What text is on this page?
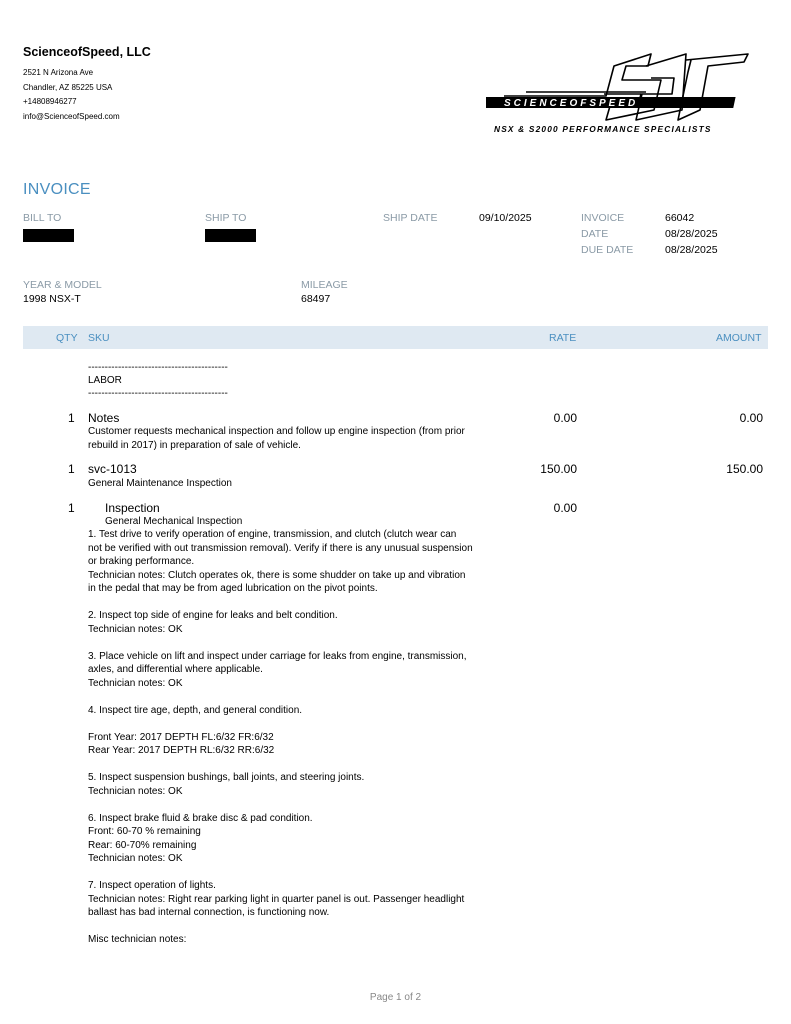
ScienceofSpeed, LLC
2521 N Arizona Ave
Chandler, AZ 85225 USA
+14808946277
info@ScienceofSpeed.com
SCIENCEOFSPEED
NSX & S2000 PERFORMANCE SPECIALISTS
INVOICE
BILL TO	SHIP TO	SHIP DATE	09/10/2025	INVOICE	66042
DATE	08/28/2025
DUE DATE	08/28/2025
YEAR & MODEL
1998 NSX-T
MILEAGE
68497
QTY SKU	RATE	AMOUNT
------------------------------------------
LABOR
------------------------------------------
1 Notes
Customer requests mechanical inspection and follow up engine inspection (from prior
rebuild in 2017) in preparation of sale of vehicle.
0.00	0.00
1 svc-1013
General Maintenance Inspection
150.00	150.00
1	Inspection
General Mechanical Inspection
0.00
1. Test drive to verify operation of engine, transmission, and clutch (clutch wear can
not be verified with out transmission removal). Verify if there is any unusual suspension
or braking performance.
Technician notes: Clutch operates ok, there is some shudder on take up and vibration
in the pedal that may be from aged lubrication on the pivot points.
2. Inspect top side of engine for leaks and belt condition.
Technician notes: OK
3. Place vehicle on lift and inspect under carriage for leaks from engine, transmission,
axles, and differential where applicable.
Technician notes: OK
4. Inspect tire age, depth, and general condition.
Front Year: 2017 DEPTH FL:6/32 FR:6/32
Rear Year: 2017 DEPTH RL:6/32 RR:6/32
5. Inspect suspension bushings, ball joints, and steering joints.
Technician notes: OK
6. Inspect brake fluid & brake disc & pad condition.
Front: 60-70 % remaining
Rear: 60-70% remaining
Technician notes: OK
7. Inspect operation of lights.
Technician notes: Right rear parking light in quarter panel is out. Passenger headlight
ballast has bad internal connection, is functioning now.
Misc technician notes:
Page 1 of 2
